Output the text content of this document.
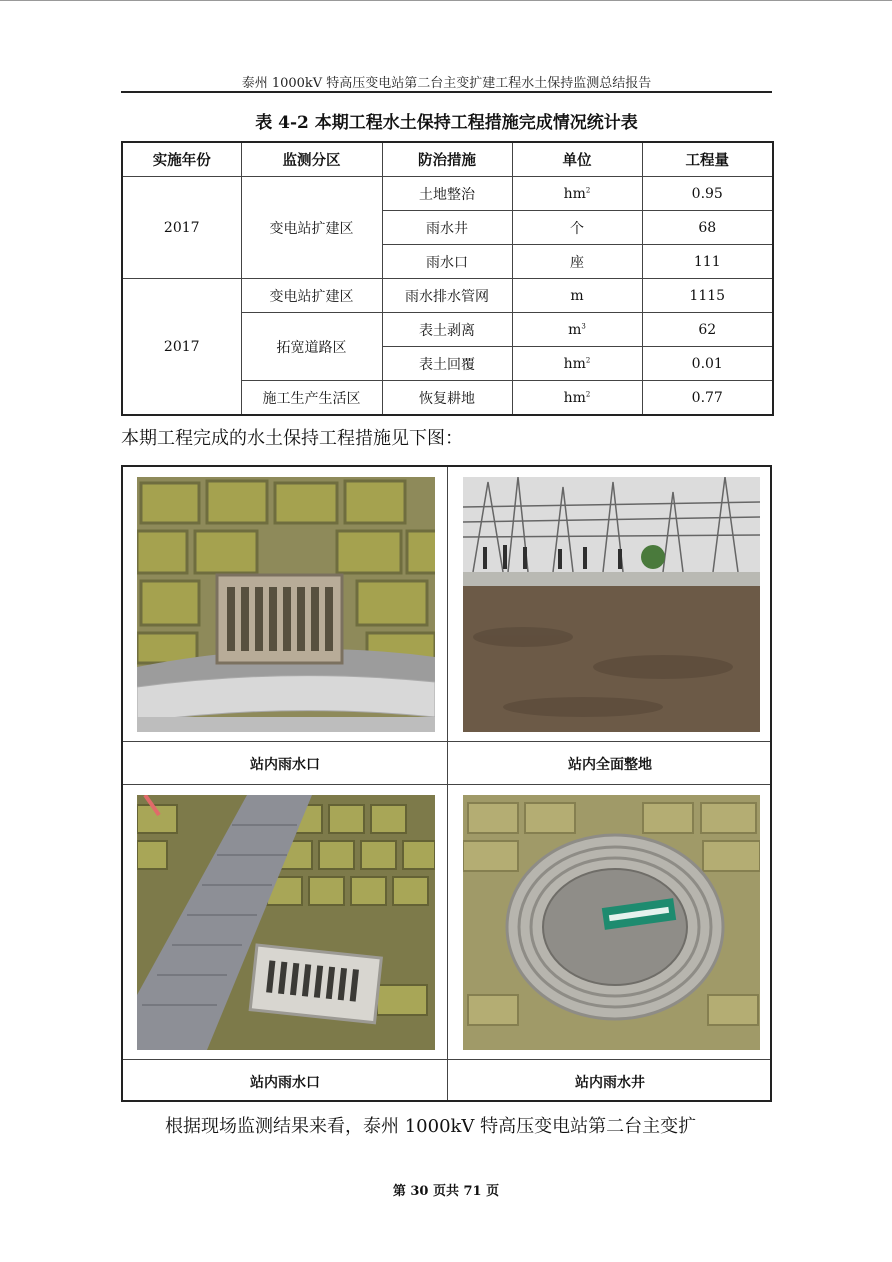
泰州 1000kV 特高压变电站第二台主变扩建工程水土保持监测总结报告
表 4-2 本期工程水土保持工程措施完成情况统计表
实施年份	监测分区	防治措施	单位	工程量
2017	变电站扩建区	土地整治	$hm^2$	0.95
		雨水井	个	68
		雨水口	座	111
2017	变电站扩建区	雨水排水管网	m	1115
	拓宽道路区	表土剥离	$m^3$	62
		表土回覆	$hm^2$	0.01
	施工生产生活区	恢复耕地	$hm^2$	0.77
本期工程完成的水土保持工程措施见下图：
站内雨水口	站内全面整地
站内雨水口	站内雨水井
根据现场监测结果来看，泰州 1000kV 特高压变电站第二台主变扩
第 30 页共 71 页
